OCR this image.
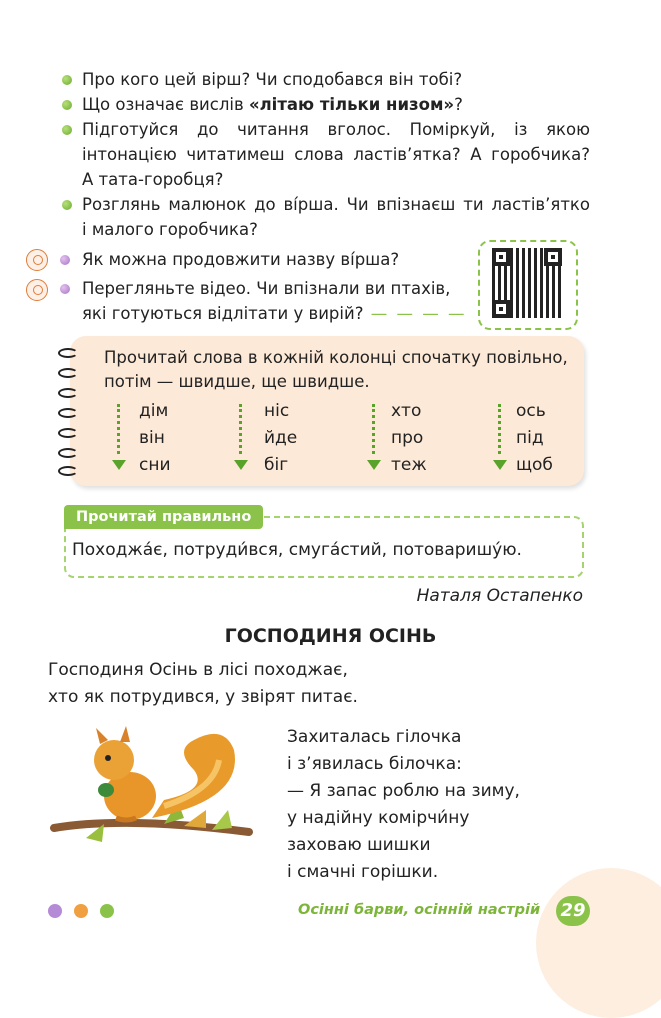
Про кого цей вірш? Чи сподобався він тобі?
Що означає вислів «літаю тільки низом»?
Підготуйся до читання вголос. Поміркуй, із якою
інтонацією читатимеш слова ластів’ятка? А горобчика?
А тата-горобця?
Розглянь малюнок до ві́рша. Чи впізнаєш ти ластів’ятко
і малого горобчика?
Як можна продовжити назву ві́рша?
Перегляньте відео. Чи впізнали ви птахів,
які готуються відлітати у вирій? — — — —
Прочитай слова в кожній колонці спочатку повільно,
потім — швидше, ще швидше.
дім
він
сни
ніс
йде
біг
хто
про
теж
ось
під
щоб
Прочитай правильно
Походжа́є, потруди́вся, смуга́стий, потоваришу́ю.
Наталя Остапенко
ГОСПОДИНЯ ОСІНЬ
Господиня Осінь в лісі походжає,
хто як потрудився, у звірят питає.
Захиталась гілочка
і з’явилась білочка:
— Я запас роблю на зиму,
у надійну комірчи́ну
заховаю шишки
і смачні горішки.
Осінні барви, осінній настрій 29
